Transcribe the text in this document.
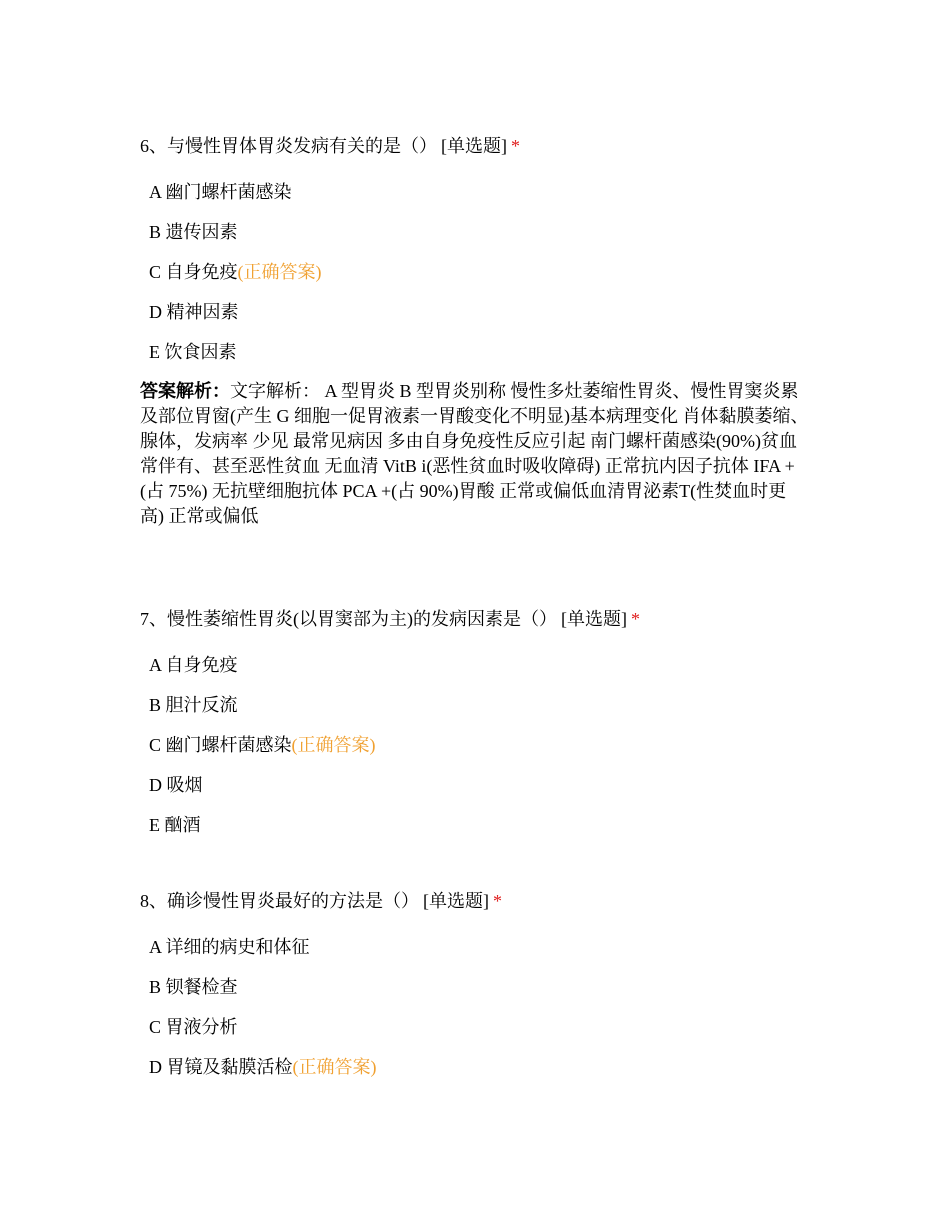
6、与慢性胃体胃炎发病有关的是（） [单选题] *

A 幽门螺杆菌感染
B 遗传因素
C 自身免疫(正确答案)
D 精神因素
E 饮食因素

答案解析：文字解析： A 型胃炎 B 型胃炎别称 慢性多灶萎缩性胃炎、慢性胃窦炎累及部位胃窗(产生 G 细胞一促胃液素一胃酸变化不明显)基本病理变化 肖体黏膜萎缩、腺体，发病率 少见 最常见病因 多由自身免疫性反应引起 南门螺杆菌感染(90%)贫血 常伴有、甚至恶性贫血 无血清 VitB i(恶性贫血时吸收障碍) 正常抗内因子抗体 IFA +(占 75%) 无抗壁细胞抗体 PCA +(占 90%)胃酸 正常或偏低血清胃泌素T(性焚血时更高) 正常或偏低

7、慢性萎缩性胃炎(以胃窦部为主)的发病因素是（） [单选题] *

A 自身免疫
B 胆汁反流
C 幽门螺杆菌感染(正确答案)
D 吸烟
E 酗酒

8、确诊慢性胃炎最好的方法是（） [单选题] *

A 详细的病史和体征
B 钡餐检查
C 胃液分析
D 胃镜及黏膜活检(正确答案)
